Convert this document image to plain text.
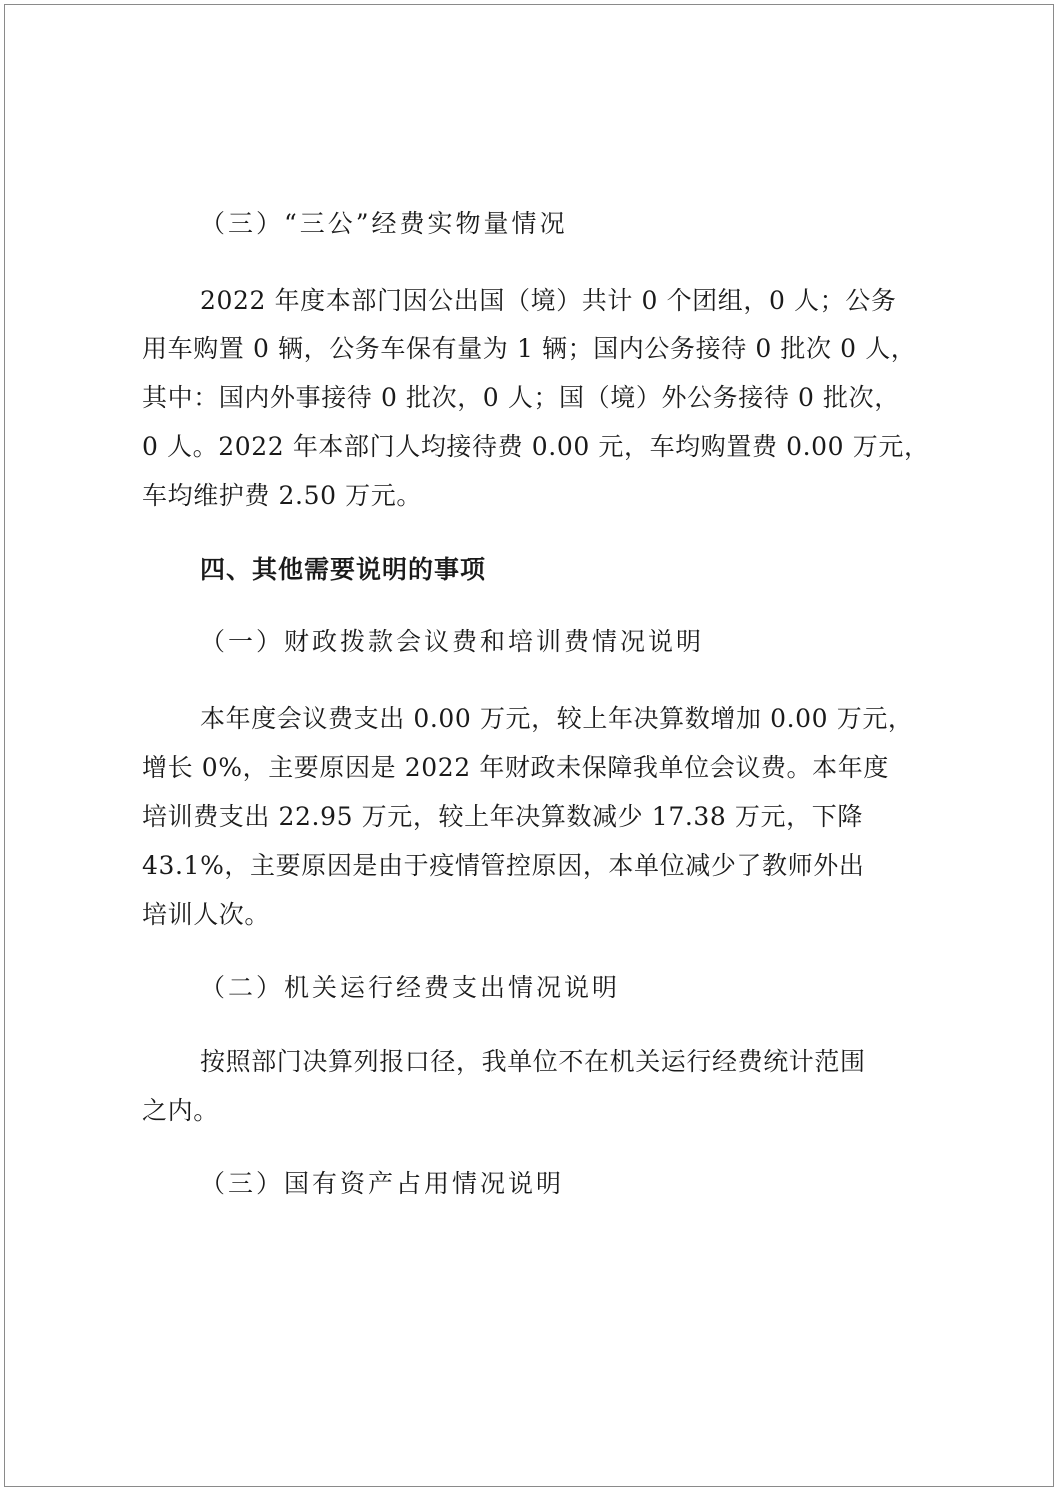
（三）“三公”经费实物量情况

2022 年度本部门因公出国（境）共计 0 个团组，0 人；公务

用车购置 0 辆，公务车保有量为 1 辆；国内公务接待 0 批次 0 人，

其中：国内外事接待 0 批次，0 人；国（境）外公务接待 0 批次，

0 人。2022 年本部门人均接待费 0.00 元，车均购置费 0.00 万元，

车均维护费 2.50 万元。

四、其他需要说明的事项

（一）财政拨款会议费和培训费情况说明

本年度会议费支出 0.00 万元，较上年决算数增加 0.00 万元，

增长 0%，主要原因是 2022 年财政未保障我单位会议费。本年度

培训费支出 22.95 万元，较上年决算数减少 17.38 万元，下降

43.1%，主要原因是由于疫情管控原因，本单位减少了教师外出

培训人次。

（二）机关运行经费支出情况说明

按照部门决算列报口径，我单位不在机关运行经费统计范围

之内。

（三）国有资产占用情况说明
